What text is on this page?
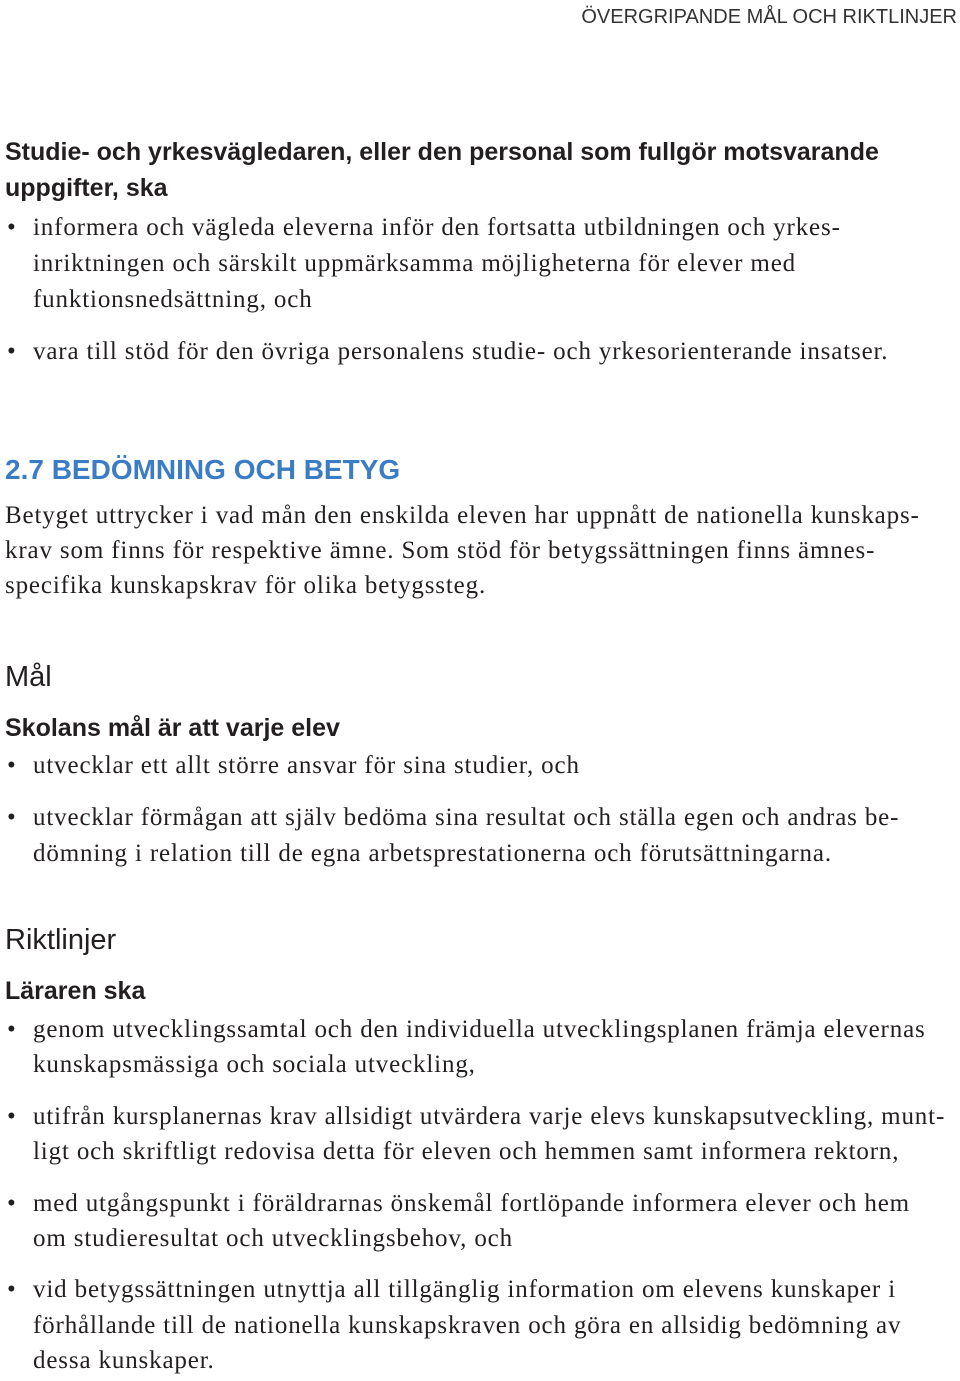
ÖVERGRIPANDE MÅL OCH RIKTLINJER
Studie- och yrkesvägledaren, eller den personal som fullgör motsvarande
uppgifter, ska
• informera och vägleda eleverna inför den fortsatta utbildningen och yrkes-
inriktningen och särskilt uppmärksamma möjligheterna för elever med
funktionsnedsättning, och
• vara till stöd för den övriga personalens studie- och yrkesorienterande insatser.
2.7 BEDÖMNING OCH BETYG
Betyget uttrycker i vad mån den enskilda eleven har uppnått de nationella kunskaps-
krav som finns för respektive ämne. Som stöd för betygssättningen finns ämnes-
specifika kunskapskrav för olika betygssteg.
Mål
Skolans mål är att varje elev
• utvecklar ett allt större ansvar för sina studier, och
• utvecklar förmågan att själv bedöma sina resultat och ställa egen och andras be-
dömning i relation till de egna arbetsprestationerna och förutsättningarna.
Riktlinjer
Läraren ska
• genom utvecklingssamtal och den individuella utvecklingsplanen främja elevernas
kunskapsmässiga och sociala utveckling,
• utifrån kursplanernas krav allsidigt utvärdera varje elevs kunskapsutveckling, munt-
ligt och skriftligt redovisa detta för eleven och hemmen samt informera rektorn,
• med utgångspunkt i föräldrarnas önskemål fortlöpande informera elever och hem
om studieresultat och utvecklingsbehov, och
• vid betygssättningen utnyttja all tillgänglig information om elevens kunskaper i
förhållande till de nationella kunskapskraven och göra en allsidig bedömning av
dessa kunskaper.
